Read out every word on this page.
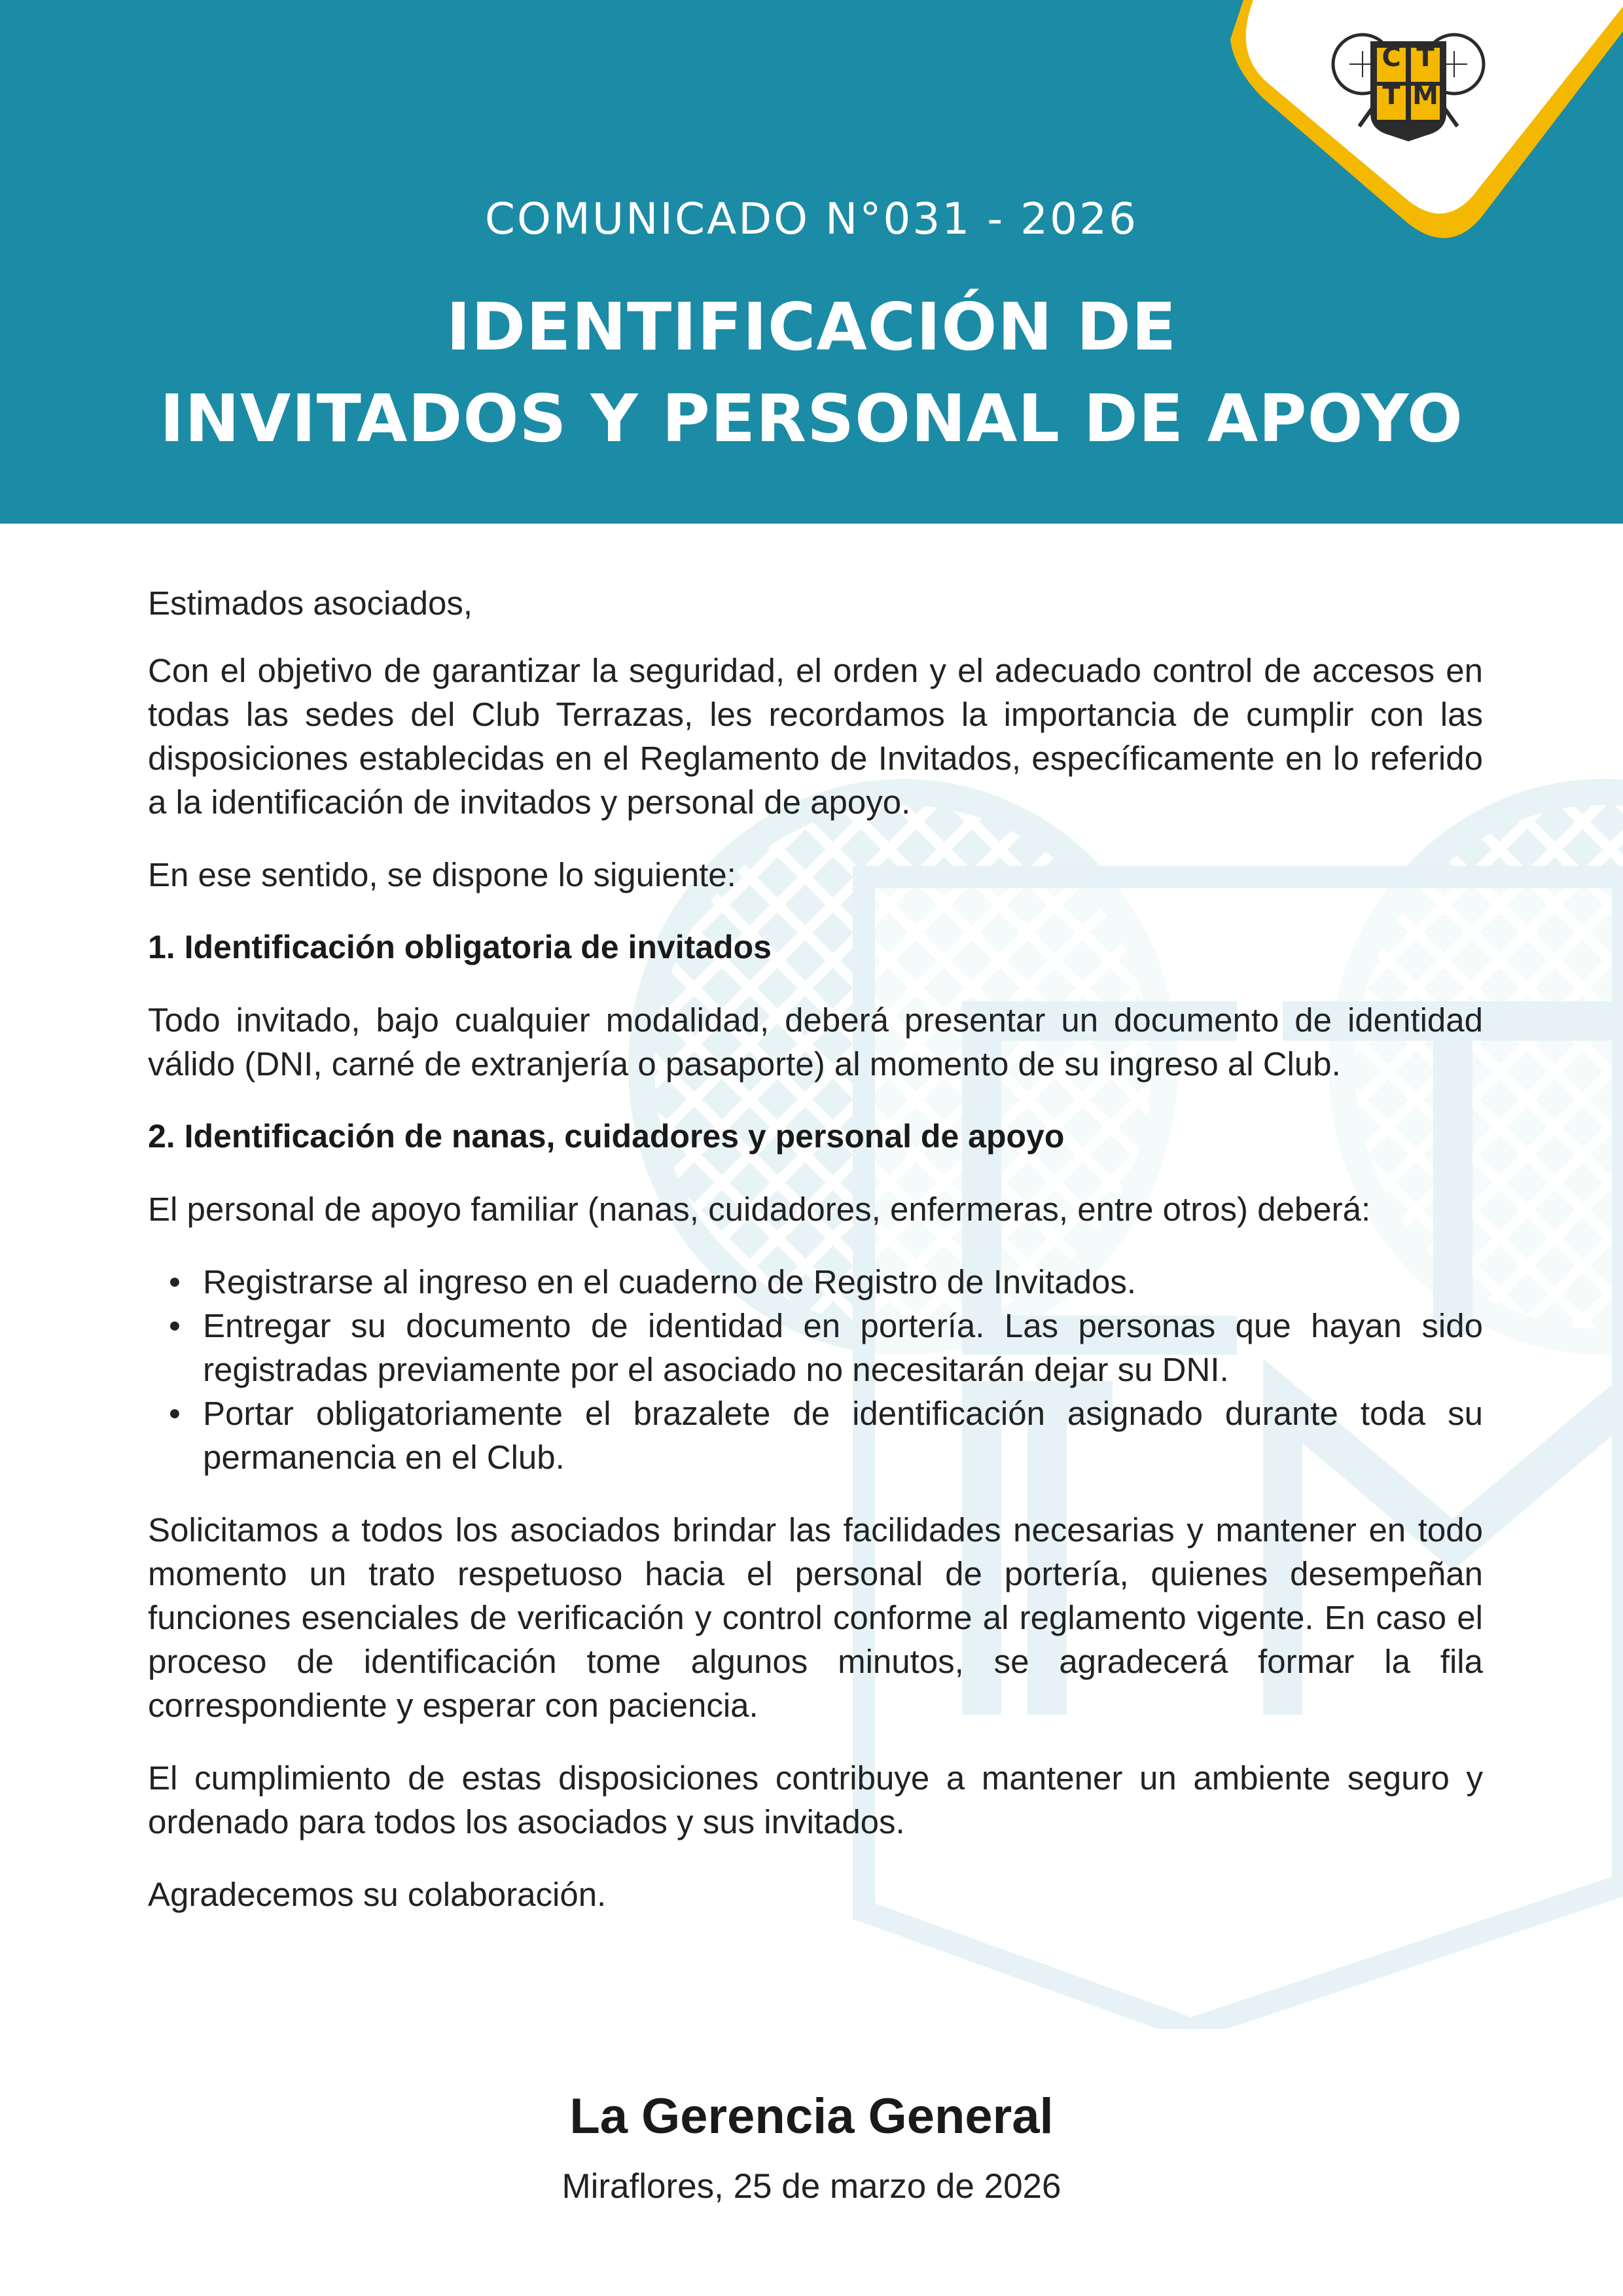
C T
T M
COMUNICADO N°031 - 2026
IDENTIFICACIÓN DE
INVITADOS Y PERSONAL DE APOYO

Estimados asociados,

Con el objetivo de garantizar la seguridad, el orden y el adecuado control de accesos en todas las sedes del Club Terrazas, les recordamos la importancia de cumplir con las disposiciones establecidas en el Reglamento de Invitados, específicamente en lo referido a la identificación de invitados y personal de apoyo.

En ese sentido, se dispone lo siguiente:

1. Identificación obligatoria de invitados

Todo invitado, bajo cualquier modalidad, deberá presentar un documento de identidad válido (DNI, carné de extranjería o pasaporte) al momento de su ingreso al Club.

2. Identificación de nanas, cuidadores y personal de apoyo

El personal de apoyo familiar (nanas, cuidadores, enfermeras, entre otros) deberá:

• Registrarse al ingreso en el cuaderno de Registro de Invitados.
• Entregar su documento de identidad en portería. Las personas que hayan sido registradas previamente por el asociado no necesitarán dejar su DNI.
• Portar obligatoriamente el brazalete de identificación asignado durante toda su permanencia en el Club.

Solicitamos a todos los asociados brindar las facilidades necesarias y mantener en todo momento un trato respetuoso hacia el personal de portería, quienes desempeñan funciones esenciales de verificación y control conforme al reglamento vigente. En caso el proceso de identificación tome algunos minutos, se agradecerá formar la fila correspondiente y esperar con paciencia.

El cumplimiento de estas disposiciones contribuye a mantener un ambiente seguro y ordenado para todos los asociados y sus invitados.

Agradecemos su colaboración.

La Gerencia General
Miraflores, 25 de marzo de 2026
